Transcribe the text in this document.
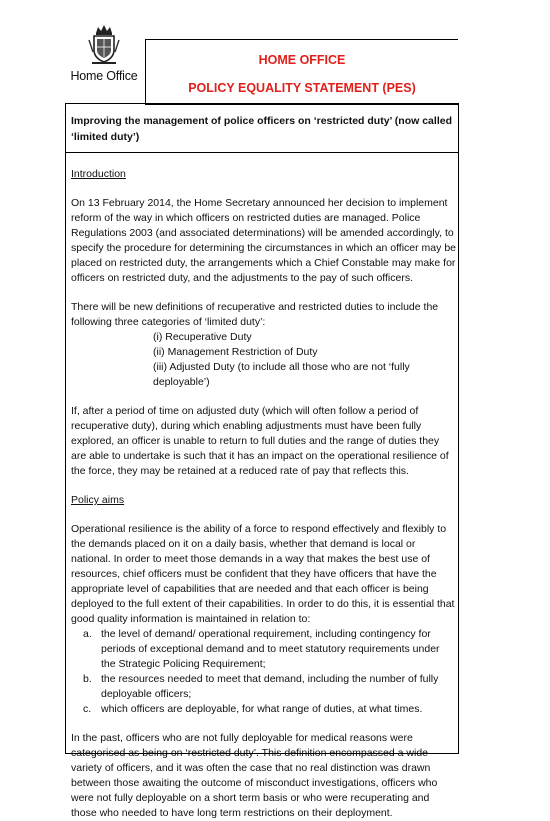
Home Office
HOME OFFICE
POLICY EQUALITY STATEMENT (PES)
Improving the management of police officers on ‘restricted duty’ (now called ‘limited duty’)

Introduction

On 13 February 2014, the Home Secretary announced her decision to implement reform of the way in which officers on restricted duties are managed. Police Regulations 2003 (and associated determinations) will be amended accordingly, to specify the procedure for determining the circumstances in which an officer may be placed on restricted duty, the arrangements which a Chief Constable may make for officers on restricted duty, and the adjustments to the pay of such officers.

There will be new definitions of recuperative and restricted duties to include the following three categories of ‘limited duty’:

(i) Recuperative Duty

(ii) Management Restriction of Duty

(iii) Adjusted Duty (to include all those who are not ‘fully

deployable’)

If, after a period of time on adjusted duty (which will often follow a period of recuperative duty), during which enabling adjustments must have been fully explored, an officer is unable to return to full duties and the range of duties they are able to undertake is such that it has an impact on the operational resilience of the force, they may be retained at a reduced rate of pay that reflects this.

Policy aims

Operational resilience is the ability of a force to respond effectively and flexibly to the demands placed on it on a daily basis, whether that demand is local or national. In order to meet those demands in a way that makes the best use of resources, chief officers must be confident that they have officers that have the appropriate level of capabilities that are needed and that each officer is being deployed to the full extent of their capabilities. In order to do this, it is essential that good quality information is maintained in relation to:

a. the level of demand/ operational requirement, including contingency for periods of exceptional demand and to meet statutory requirements under the Strategic Policing Requirement;
b. the resources needed to meet that demand, including the number of fully deployable officers;
c. which officers are deployable, for what range of duties, at what times.

In the past, officers who are not fully deployable for medical reasons were categorised as being on ‘restricted duty’. This definition encompassed a wide variety of officers, and it was often the case that no real distinction was drawn between those awaiting the outcome of misconduct investigations, officers who were not fully deployable on a short term basis or who were recuperating and those who needed to have long term restrictions on their deployment.
